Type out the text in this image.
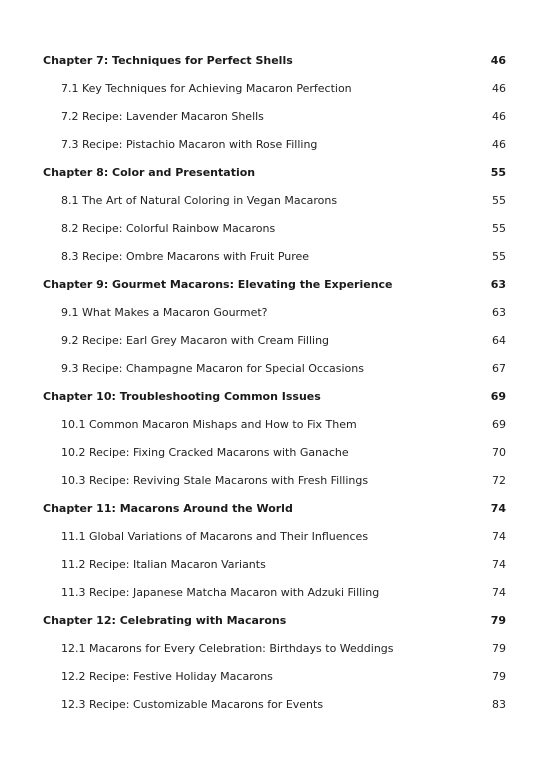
Chapter 7: Techniques for Perfect Shells	46
7.1 Key Techniques for Achieving Macaron Perfection	46
7.2 Recipe: Lavender Macaron Shells	46
7.3 Recipe: Pistachio Macaron with Rose Filling	46
Chapter 8: Color and Presentation	55
8.1 The Art of Natural Coloring in Vegan Macarons	55
8.2 Recipe: Colorful Rainbow Macarons	55
8.3 Recipe: Ombre Macarons with Fruit Puree	55
Chapter 9: Gourmet Macarons: Elevating the Experience	63
9.1 What Makes a Macaron Gourmet?	63
9.2 Recipe: Earl Grey Macaron with Cream Filling	64
9.3 Recipe: Champagne Macaron for Special Occasions	67
Chapter 10: Troubleshooting Common Issues	69
10.1 Common Macaron Mishaps and How to Fix Them	69
10.2 Recipe: Fixing Cracked Macarons with Ganache	70
10.3 Recipe: Reviving Stale Macarons with Fresh Fillings	72
Chapter 11: Macarons Around the World	74
11.1 Global Variations of Macarons and Their Influences	74
11.2 Recipe: Italian Macaron Variants	74
11.3 Recipe: Japanese Matcha Macaron with Adzuki Filling	74
Chapter 12: Celebrating with Macarons	79
12.1 Macarons for Every Celebration: Birthdays to Weddings	79
12.2 Recipe: Festive Holiday Macarons	79
12.3 Recipe: Customizable Macarons for Events	83
